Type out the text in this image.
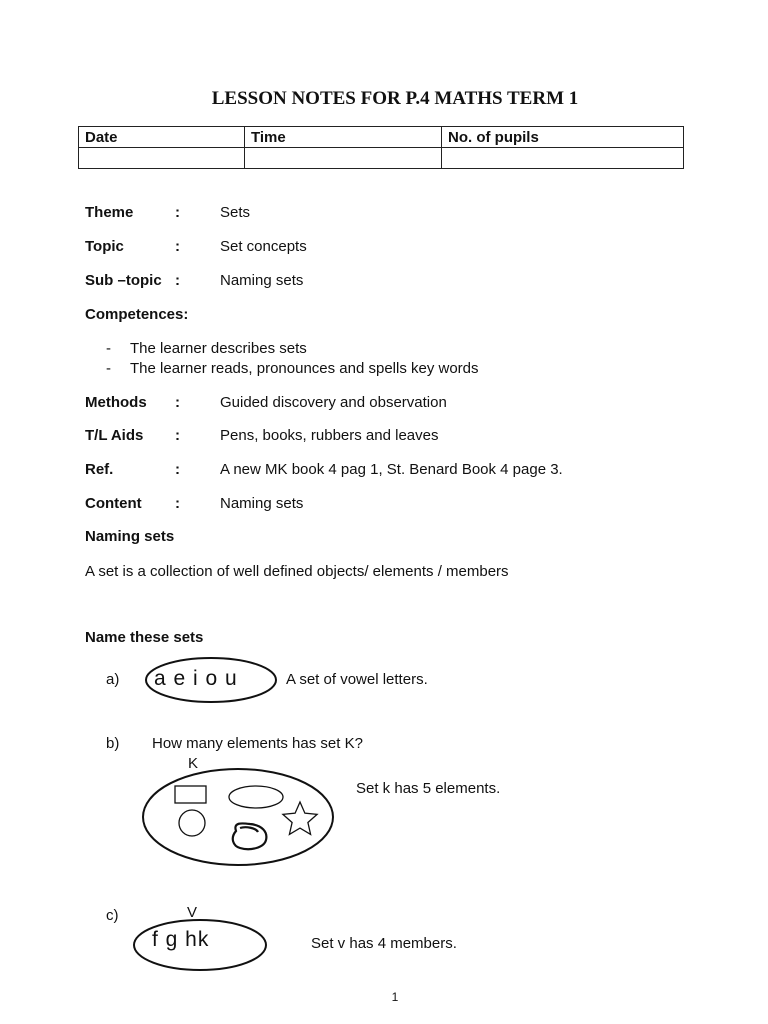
LESSON NOTES FOR P.4 MATHS TERM 1
Date	Time	No. of pupils

Theme	:	Sets
Topic	:	Set concepts
Sub –topic :	Naming sets
Competences:
- The learner describes sets
- The learner reads, pronounces and spells key words
Methods :	Guided discovery and observation
T/L Aids :	Pens, books, rubbers and leaves
Ref.	:	A new MK book 4 pag 1, St. Benard Book 4 page 3.
Content :	Naming sets
Naming sets
A set is a collection of well defined objects/ elements / members
Name these sets
a) a e i o u	A set of vowel letters.
b) How many elements has set K?
K
Set k has 5 elements.
c)	V
f g hk	Set v has 4 members.
1
